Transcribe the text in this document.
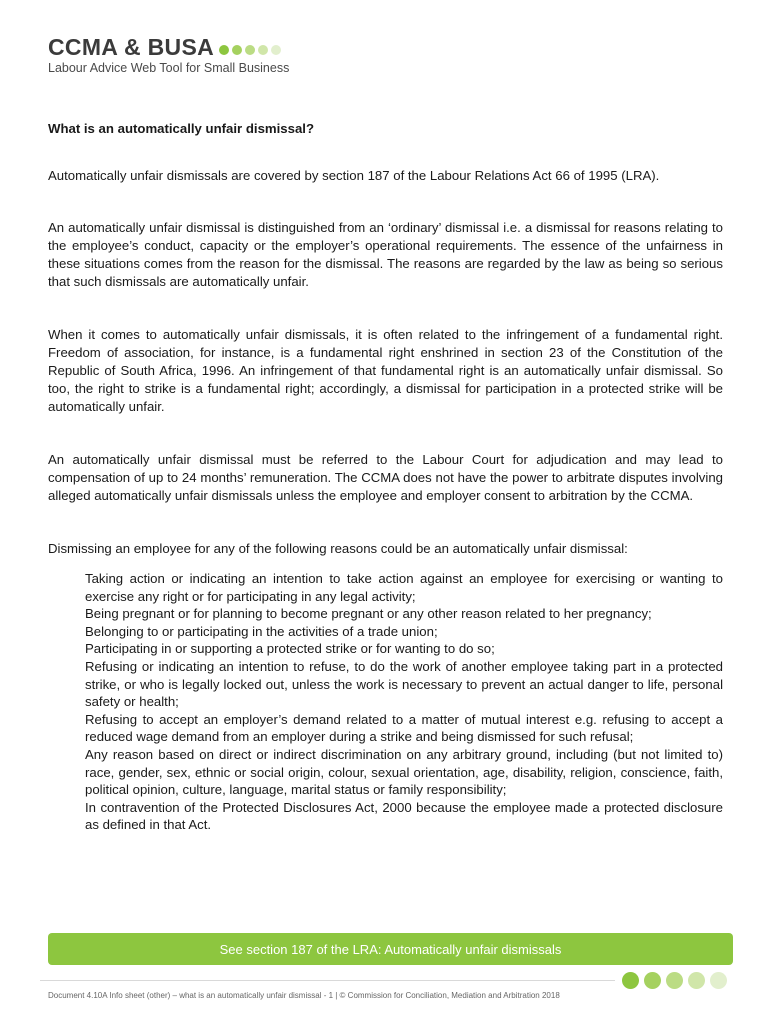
CCMA & BUSA
Labour Advice Web Tool for Small Business
What is an automatically unfair dismissal?

Automatically unfair dismissals are covered by section 187 of the Labour Relations Act 66 of 1995 (LRA).

An automatically unfair dismissal is distinguished from an ‘ordinary’ dismissal i.e. a dismissal for reasons relating to the employee’s conduct, capacity or the employer’s operational requirements. The essence of the unfairness in these situations comes from the reason for the dismissal. The reasons are regarded by the law as being so serious that such dismissals are automatically unfair.

When it comes to automatically unfair dismissals, it is often related to the infringement of a fundamental right. Freedom of association, for instance, is a fundamental right enshrined in section 23 of the Constitution of the Republic of South Africa, 1996. An infringement of that fundamental right is an automatically unfair dismissal. So too, the right to strike is a fundamental right; accordingly, a dismissal for participation in a protected strike will be automatically unfair.

An automatically unfair dismissal must be referred to the Labour Court for adjudication and may lead to compensation of up to 24 months’ remuneration. The CCMA does not have the power to arbitrate disputes involving alleged automatically unfair dismissals unless the employee and employer consent to arbitration by the CCMA.

Dismissing an employee for any of the following reasons could be an automatically unfair dismissal:

Taking action or indicating an intention to take action against an employee for exercising or wanting to exercise any right or for participating in any legal activity;
Being pregnant or for planning to become pregnant or any other reason related to her pregnancy;
Belonging to or participating in the activities of a trade union;
Participating in or supporting a protected strike or for wanting to do so;
Refusing or indicating an intention to refuse, to do the work of another employee taking part in a protected strike, or who is legally locked out, unless the work is necessary to prevent an actual danger to life, personal safety or health;
Refusing to accept an employer’s demand related to a matter of mutual interest e.g. refusing to accept a reduced wage demand from an employer during a strike and being dismissed for such refusal;
Any reason based on direct or indirect discrimination on any arbitrary ground, including (but not limited to) race, gender, sex, ethnic or social origin, colour, sexual orientation, age, disability, religion, conscience, faith, political opinion, culture, language, marital status or family responsibility;
In contravention of the Protected Disclosures Act, 2000 because the employee made a protected disclosure as defined in that Act.
See section 187 of the LRA: Automatically unfair dismissals
Document 4.10A Info sheet (other) – what is an automatically unfair dismissal - 1 | © Commission for Conciliation, Mediation and Arbitration 2018
